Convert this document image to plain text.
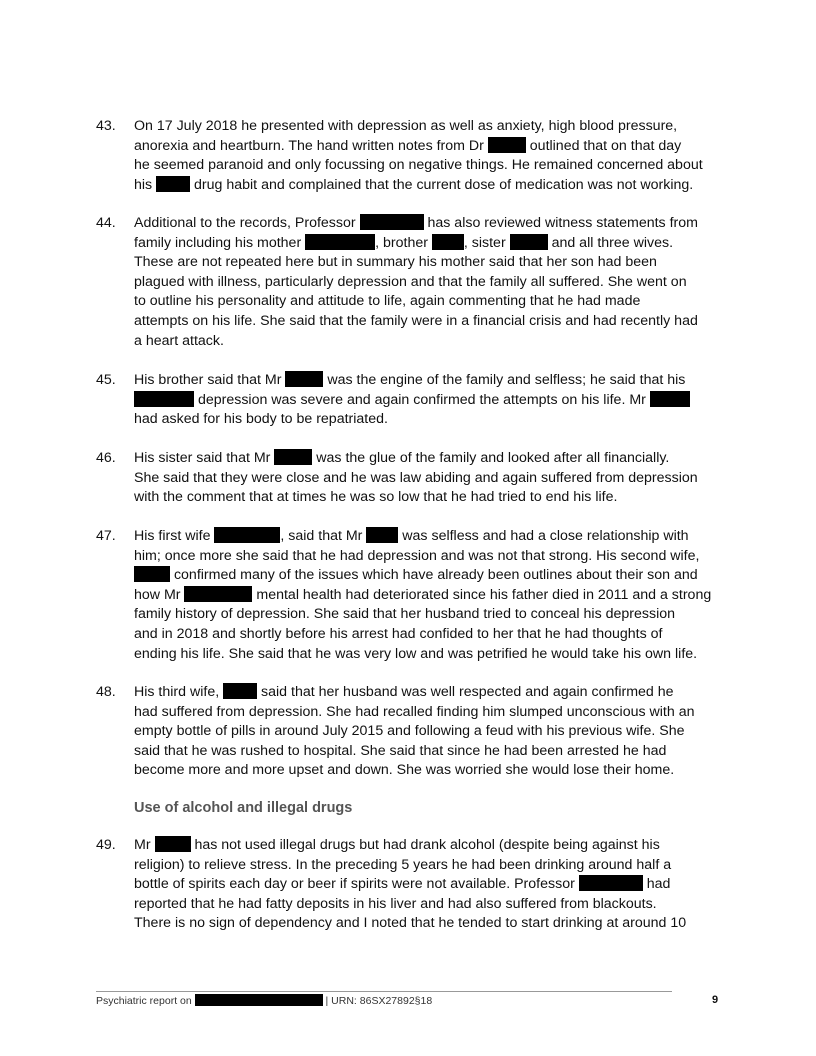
43.	On 17 July 2018 he presented with depression as well as anxiety, high blood pressure,
anorexia and heartburn. The hand written notes from Dr	outlined that on that day
he seemed paranoid and only focussing on negative things. He remained concerned about
his  drug habit and complained that the current dose of medication was not working.
44.	Additional to the records, Professor	has also reviewed witness statements from
family including his mother	, brother , sister	and all three wives.
These are not repeated here but in summary his mother said that her son had been
plagued with illness, particularly depression and that the family all suffered. She went on
to outline his personality and attitude to life, again commenting that he had made
attempts on his life. She said that the family were in a financial crisis and had recently had
a heart attack.
45.	His brother said that Mr	was the engine of the family and selfless; he said that his
depression was severe and again confirmed the attempts on his life. Mr
had asked for his body to be repatriated.
46.	His sister said that Mr	was the glue of the family and looked after all financially.
She said that they were close and he was law abiding and again suffered from depression
with the comment that at times he was so low that he had tried to end his life.
47.	His first wife	, said that Mr  was selfless and had a close relationship with
him; once more she said that he had depression and was not that strong. His second wife,
confirmed many of the issues which have already been outlines about their son and
how Mr	mental health had deteriorated since his father died in 2011 and a strong
family history of depression. She said that her husband tried to conceal his depression
and in 2018 and shortly before his arrest had confided to her that he had thoughts of
ending his life. She said that he was very low and was petrified he would take his own life.
48.	His third wife,  said that her husband was well respected and again confirmed he
had suffered from depression. She had recalled finding him slumped unconscious with an
empty bottle of pills in around July 2015 and following a feud with his previous wife. She
said that he was rushed to hospital. She said that since he had been arrested he had
become more and more upset and down. She was worried she would lose their home.
Use of alcohol and illegal drugs
49.	Mr	has not used illegal drugs but had drank alcohol (despite being against his
religion) to relieve stress. In the preceding 5 years he had been drinking around half a
bottle of spirits each day or beer if spirits were not available. Professor	had
reported that he had fatty deposits in his liver and had also suffered from blackouts.
There is no sign of dependency and I noted that he tended to start drinking at around 10
Psychiatric report on	| URN: 86SX27892§18	9
